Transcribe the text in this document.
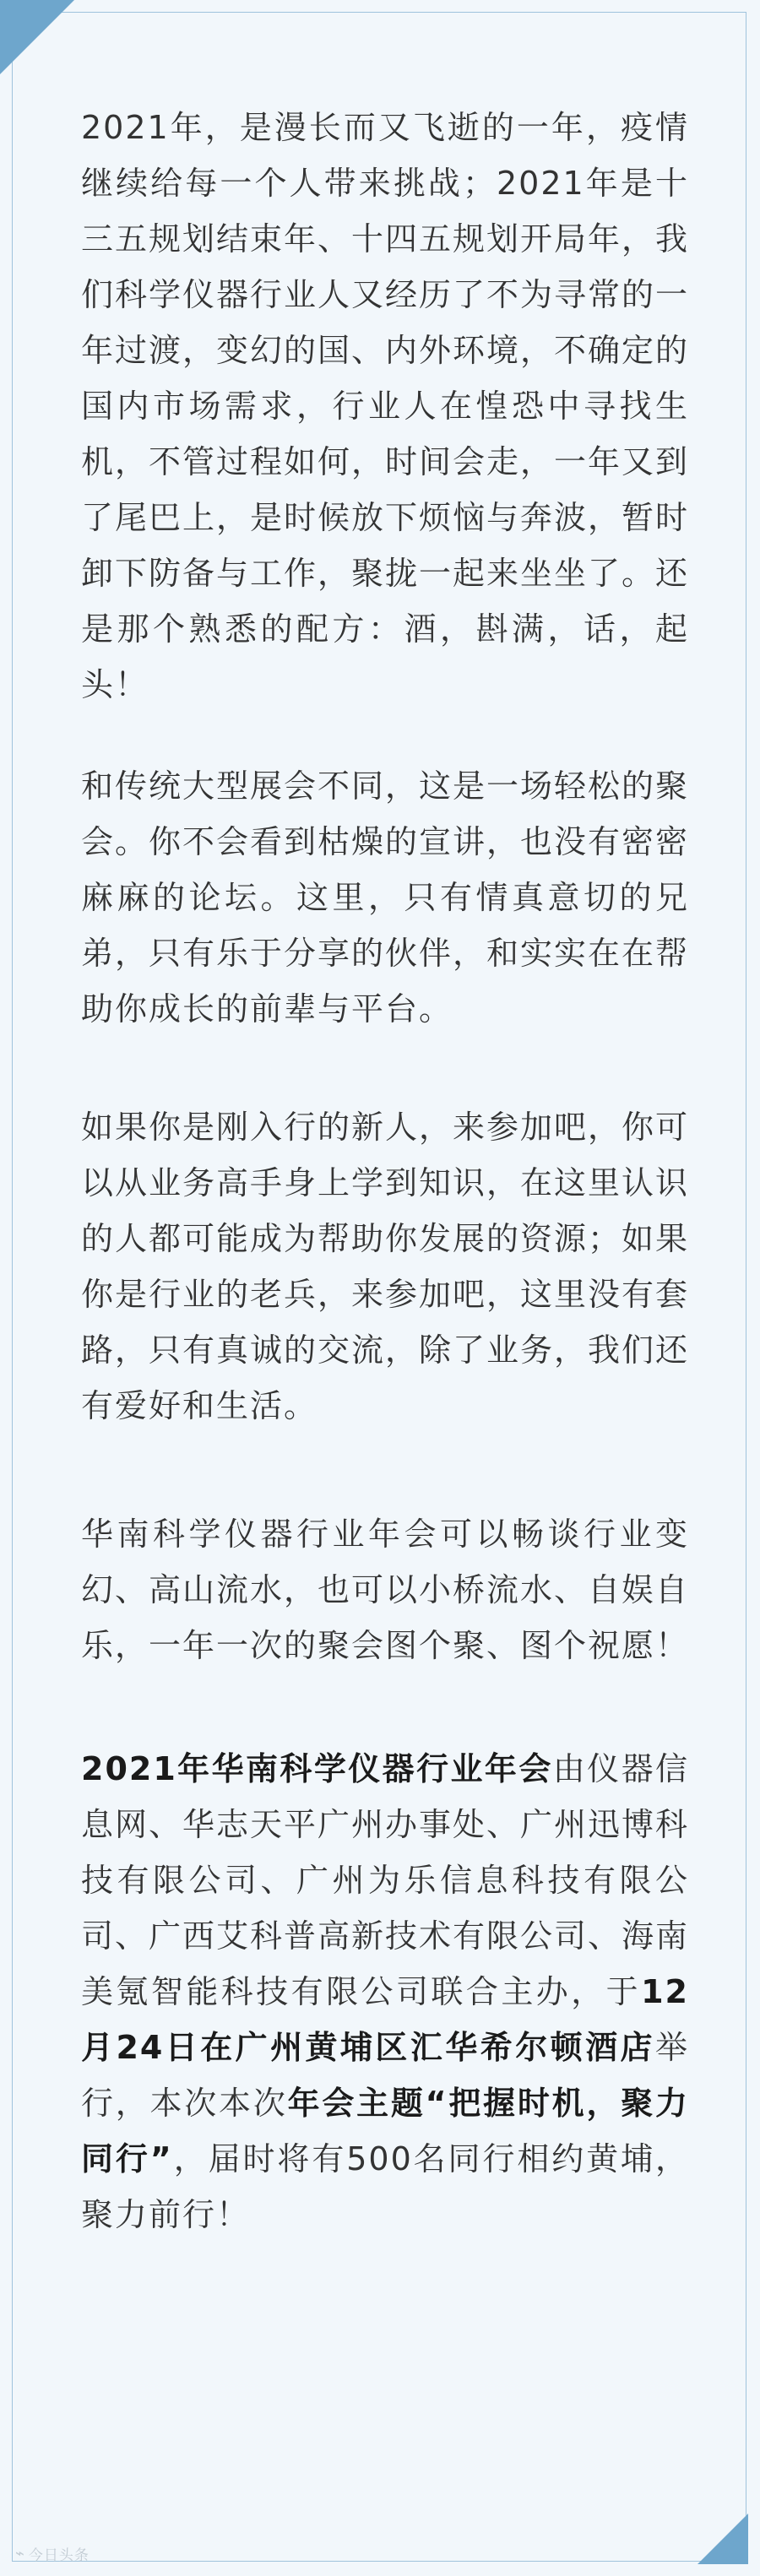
2021年，是漫长而又飞逝的一年，疫情继续给每一个人带来挑战；2021年是十三五规划结束年、十四五规划开局年，我们科学仪器行业人又经历了不为寻常的一年过渡，变幻的国、内外环境，不确定的国内市场需求，行业人在惶恐中寻找生机，不管过程如何，时间会走，一年又到了尾巴上，是时候放下烦恼与奔波，暂时卸下防备与工作，聚拢一起来坐坐了。还是那个熟悉的配方：酒，斟满，话，起头！

和传统大型展会不同，这是一场轻松的聚会。你不会看到枯燥的宣讲，也没有密密麻麻的论坛。这里，只有情真意切的兄弟，只有乐于分享的伙伴，和实实在在帮助你成长的前辈与平台。

如果你是刚入行的新人，来参加吧，你可以从业务高手身上学到知识，在这里认识的人都可能成为帮助你发展的资源；如果你是行业的老兵，来参加吧，这里没有套路，只有真诚的交流，除了业务，我们还有爱好和生活。

华南科学仪器行业年会可以畅谈行业变幻、高山流水，也可以小桥流水、自娱自乐，一年一次的聚会图个聚、图个祝愿！

2021年华南科学仪器行业年会由仪器信息网、华志天平广州办事处、广州迅博科技有限公司、广州为乐信息科技有限公司、广西艾科普高新技术有限公司、海南美氪智能科技有限公司联合主办，于12月24日在广州黄埔区汇华希尔顿酒店举行，本次本次年会主题“把握时机，聚力同行”，届时将有500名同行相约黄埔，聚力前行！

⌁ 今日头条
